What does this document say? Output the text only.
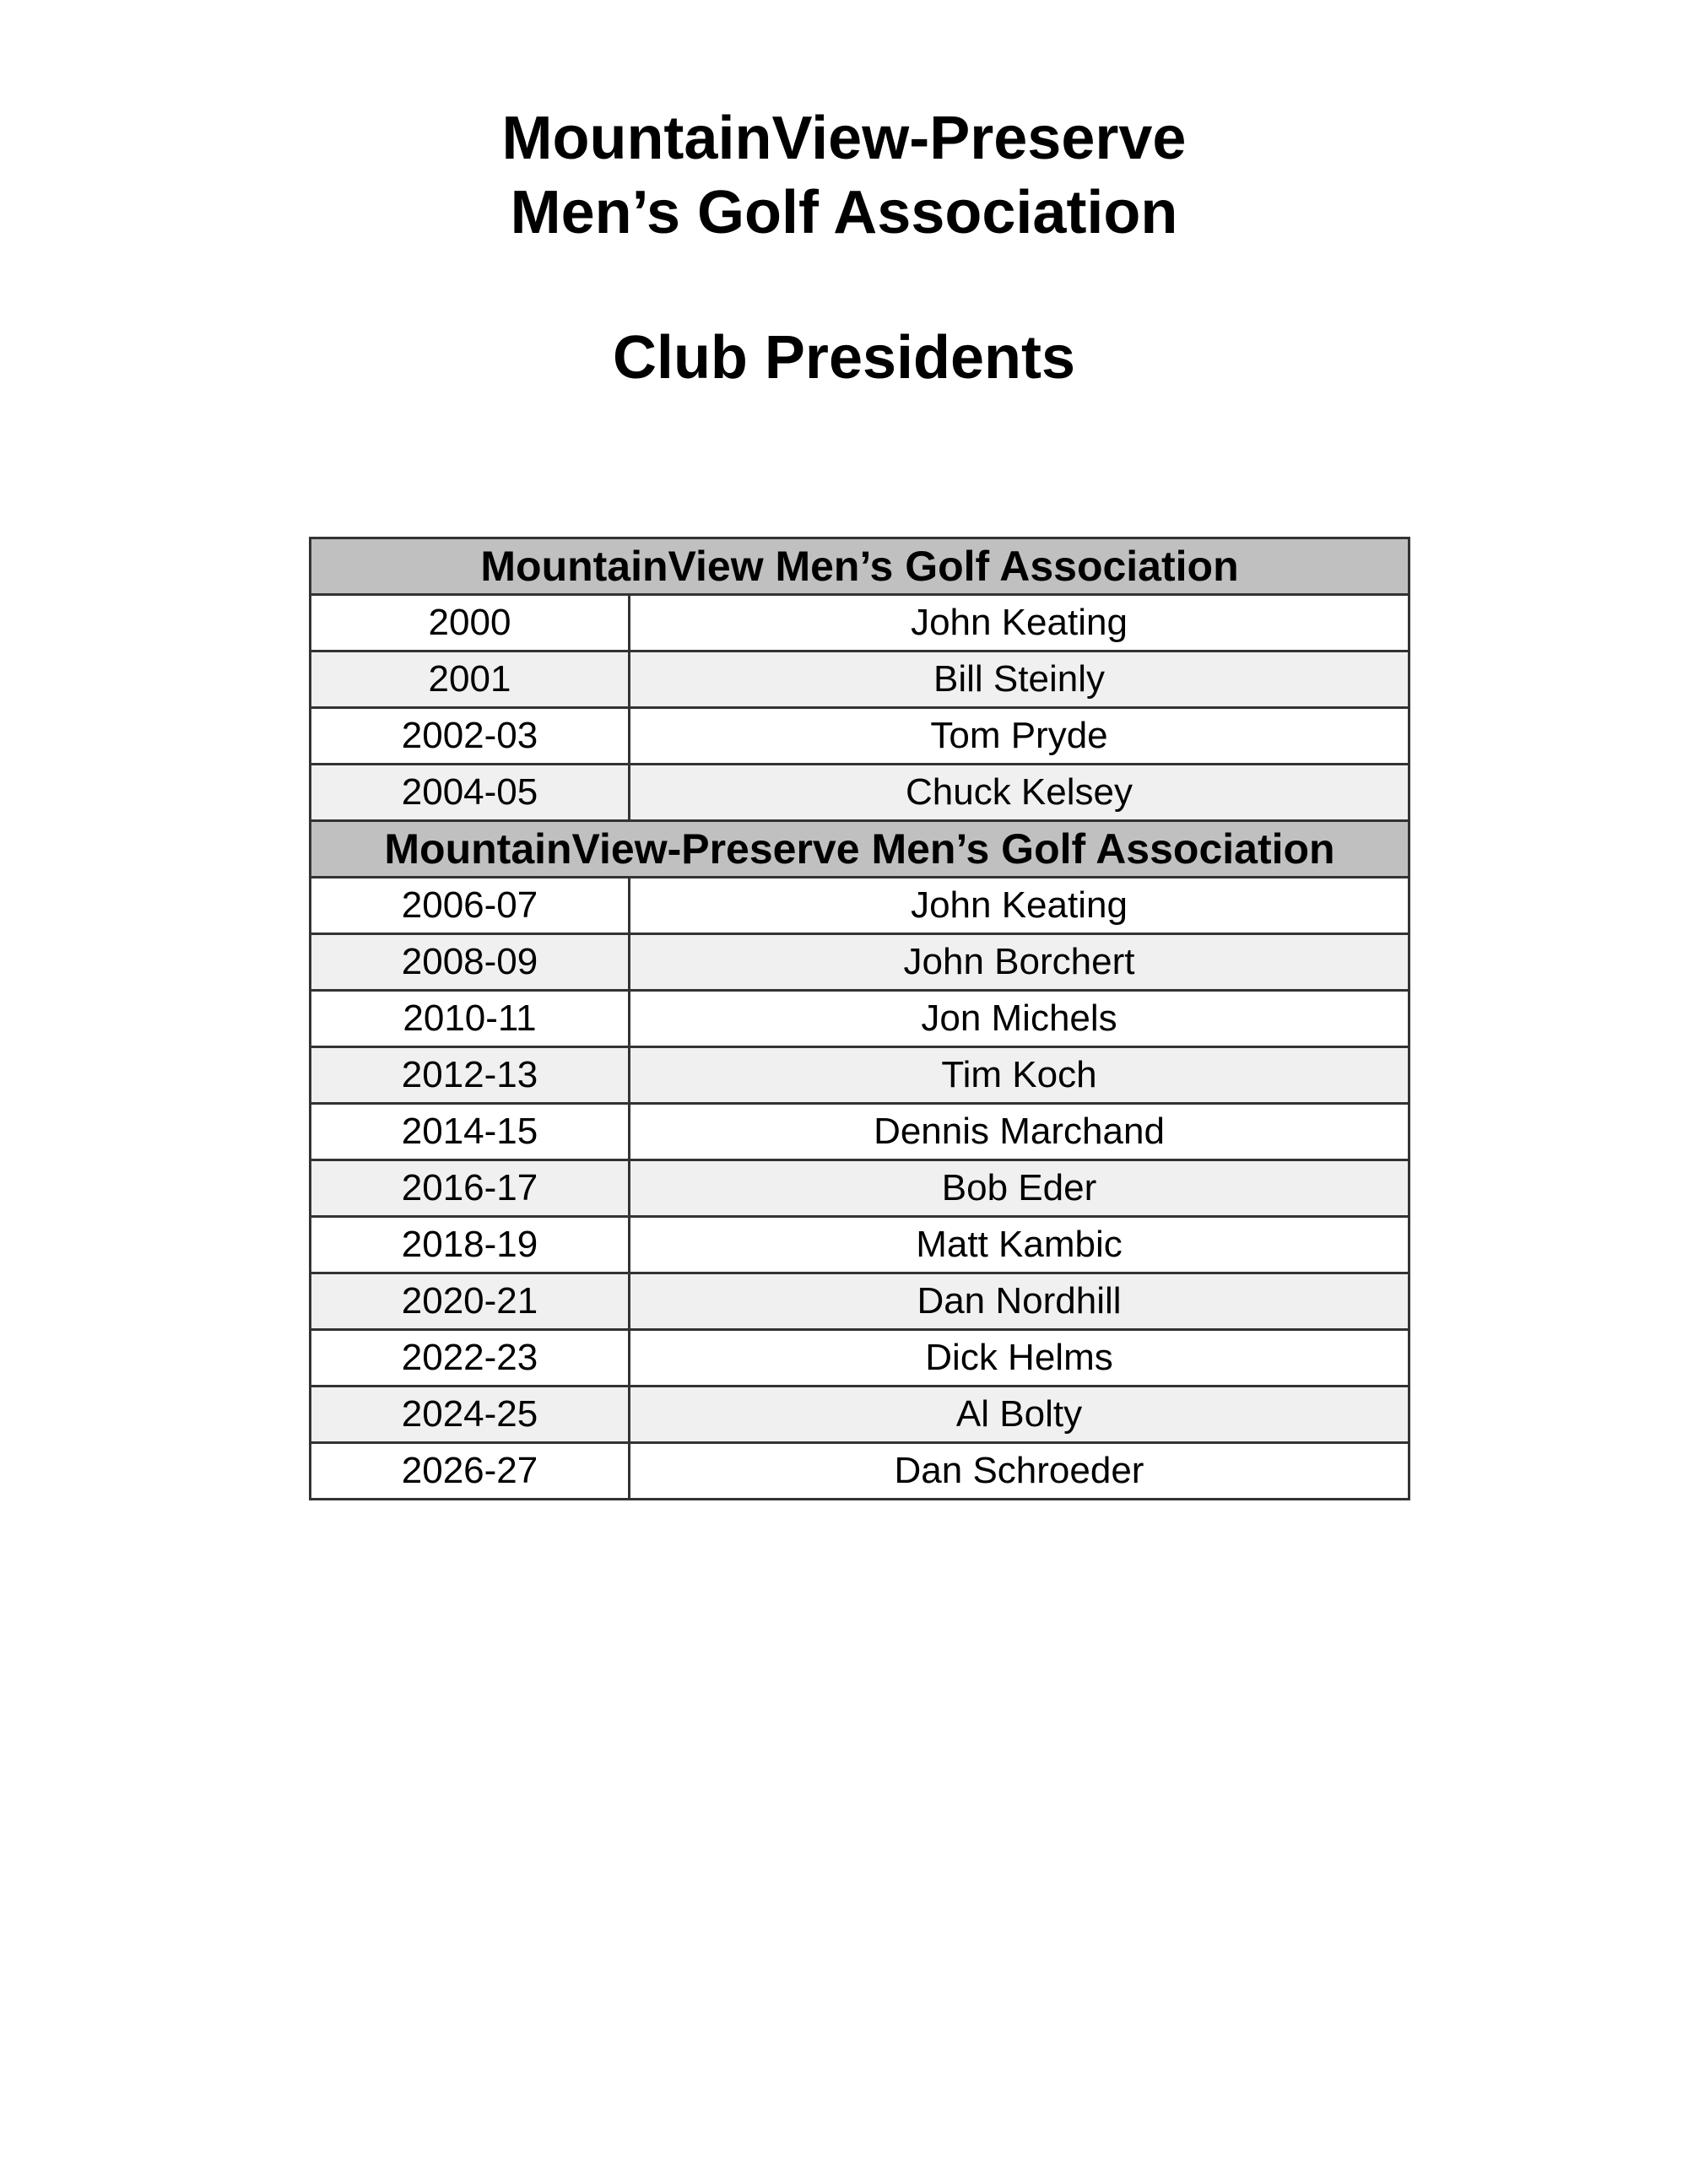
MountainView-Preserve

Men’s Golf Association

Club Presidents

MountainView Men’s Golf Association	
2000	John Keating
2001	Bill Steinly
2002-03	Tom Pryde
2004-05	Chuck Kelsey
MountainView-Preserve Men’s Golf Association	
2006-07	John Keating
2008-09	John Borchert
2010-11	Jon Michels
2012-13	Tim Koch
2014-15	Dennis Marchand
2016-17	Bob Eder
2018-19	Matt Kambic
2020-21	Dan Nordhill
2022-23	Dick Helms
2024-25	Al Bolty
2026-27	Dan Schroeder
